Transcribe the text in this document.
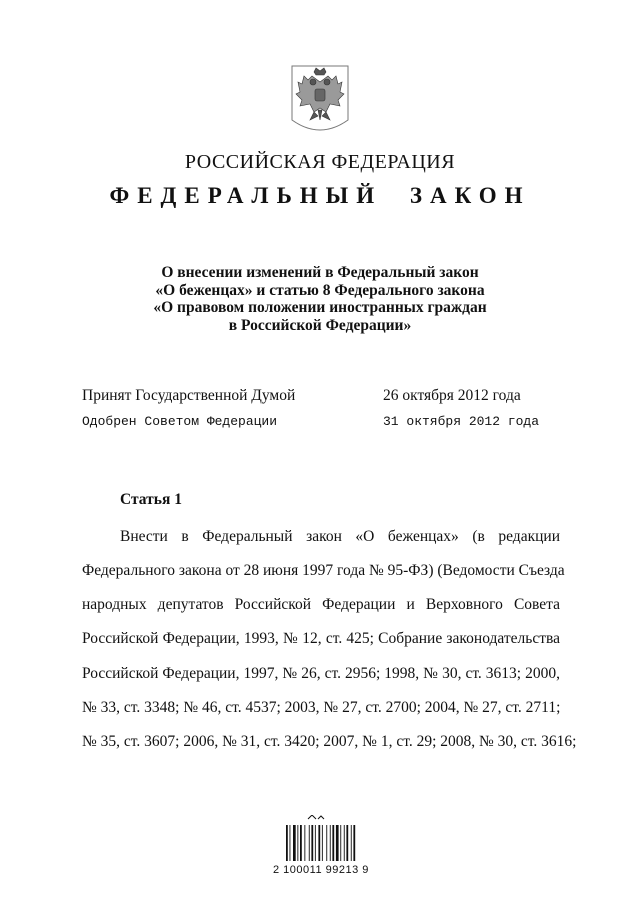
РОССИЙСКАЯ ФЕДЕРАЦИЯ
ФЕДЕРАЛЬНЫЙ ЗАКОН
О внесении изменений в Федеральный закон
«О беженцах» и статью 8 Федерального закона
«О правовом положении иностранных граждан
в Российской Федерации»
Принят Государственной Думой	26 октября 2012 года
Одобрен Советом Федерации	31 октября 2012 года
Статья 1
Внести в Федеральный закон «О беженцах» (в редакции
Федерального закона от 28 июня 1997 года № 95-ФЗ) (Ведомости Съезда
народных депутатов Российской Федерации и Верховного Совета
Российской Федерации, 1993, № 12, ст. 425; Собрание законодательства
Российской Федерации, 1997, № 26, ст. 2956; 1998, № 30, ст. 3613; 2000,
№ 33, ст. 3348; № 46, ст. 4537; 2003, № 27, ст. 2700; 2004, № 27, ст. 2711;
№ 35, ст. 3607; 2006, № 31, ст. 3420; 2007, № 1, ст. 29; 2008, № 30, ст. 3616;
2 100011 99213 9
